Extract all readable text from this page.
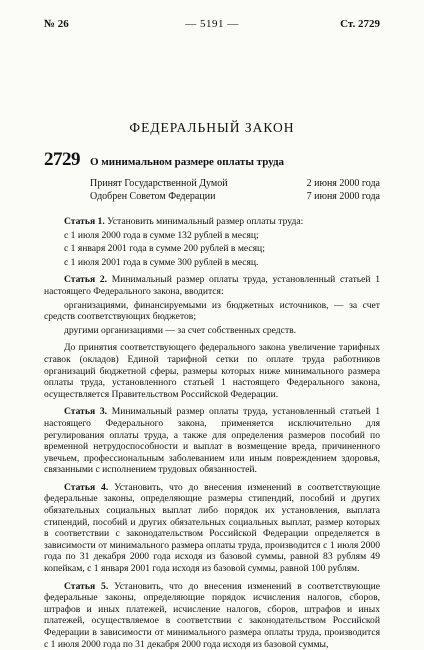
№ 26	— 5191 —	Ст. 2729
ФЕДЕРАЛЬНЫЙ ЗАКОН
2729 О минимальном размере оплаты труда
Принят Государственной Думой	2 июня 2000 года
Одобрен Советом Федерации	7 июня 2000 года

Статья 1. Установить минимальный размер оплаты труда:

с 1 июля 2000 года в сумме 132 рублей в месяц;

с 1 января 2001 года в сумме 200 рублей в месяц;

с 1 июля 2001 года в сумме 300 рублей в месяц.

Статья 2. Минимальный размер оплаты труда, установленный статьей 1 настоящего Федерального закона, вводится:

организациями, финансируемыми из бюджетных источников, — за счет средств соответствующих бюджетов;

другими организациями — за счет собственных средств.

До принятия соответствующего федерального закона увеличение тарифных ставок (окладов) Единой тарифной сетки по оплате труда работников организаций бюджетной сферы, размеры которых ниже минимального размера оплаты труда, установленного статьей 1 настоящего Федерального закона, осуществляется Правительством Российской Федерации.

Статья 3. Минимальный размер оплаты труда, установленный статьей 1 настоящего Федерального закона, применяется исключительно для регулирования оплаты труда, а также для определения размеров пособий по временной нетрудоспособности и выплат в возмещение вреда, причиненного увечьем, профессиональным заболеванием или иным повреждением здоровья, связанными с исполнением трудовых обязанностей.

Статья 4. Установить, что до внесения изменений в соответствующие федеральные законы, определяющие размеры стипендий, пособий и других обязательных социальных выплат либо порядок их установления, выплата стипендий, пособий и других обязательных социальных выплат, размер которых в соответствии с законодательством Российской Федерации определяется в зависимости от минимального размера оплаты труда, производится с 1 июля 2000 года по 31 декабря 2000 года исходя из базовой суммы, равной 83 рублям 49 копейкам, с 1 января 2001 года исходя из базовой суммы, равной 100 рублям.

Статья 5. Установить, что до внесения изменений в соответствующие федеральные законы, определяющие порядок исчисления налогов, сборов, штрафов и иных платежей, исчисление налогов, сборов, штрафов и иных платежей, осуществляемое в соответствии с законодательством Российской Федерации в зависимости от минимального размера оплаты труда, производится с 1 июля 2000 года по 31 декабря 2000 года исходя из базовой суммы,
